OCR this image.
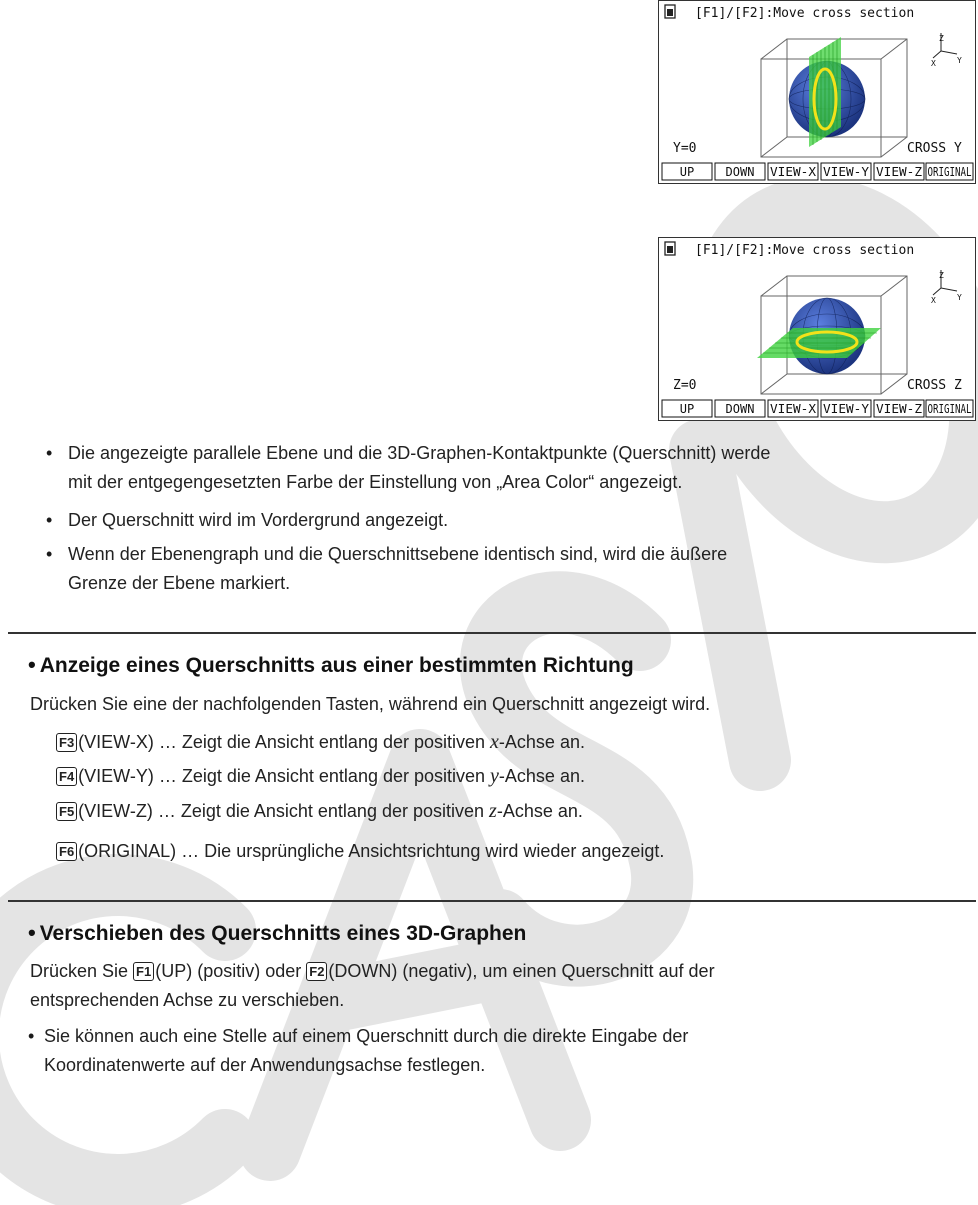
[F1]/[F2]:Move cross section
Z
X	Y
Y=0	CROSS Y
UP	DOWN VIEW-X VIEW-Y VIEW-Z ORIGINAL
[F1]/[F2]:Move cross section
Z
X	Y
Z=0	CROSS Z
UP	DOWN VIEW-X VIEW-Y VIEW-Z ORIGINAL
• Die angezeigte parallele Ebene und die 3D-Graphen-Kontaktpunkte (Querschnitt) werde

mit der entgegengesetzten Farbe der Einstellung von „Area Color“ angezeigt.

• Der Querschnitt wird im Vordergrund angezeigt.

• Wenn der Ebenengraph und die Querschnittsebene identisch sind, wird die äußere

Grenze der Ebene markiert.

• Anzeige eines Querschnitts aus einer bestimmten Richtung

Drücken Sie eine der nachfolgenden Tasten, während ein Querschnitt angezeigt wird.

F3 (VIEW-X) … Zeigt die Ansicht entlang der positiven x-Achse an.

F4 (VIEW-Y) … Zeigt die Ansicht entlang der positiven y-Achse an.

F5 (VIEW-Z) … Zeigt die Ansicht entlang der positiven z-Achse an.

F6 (ORIGINAL) … Die ursprüngliche Ansichtsrichtung wird wieder angezeigt.

• Verschieben des Querschnitts eines 3D-Graphen

Drücken Sie F1 (UP) (positiv) oder F2 (DOWN) (negativ), um einen Querschnitt auf der

entsprechenden Achse zu verschieben.

• Sie können auch eine Stelle auf einem Querschnitt durch die direkte Eingabe der

Koordinatenwerte auf der Anwendungsachse festlegen.
